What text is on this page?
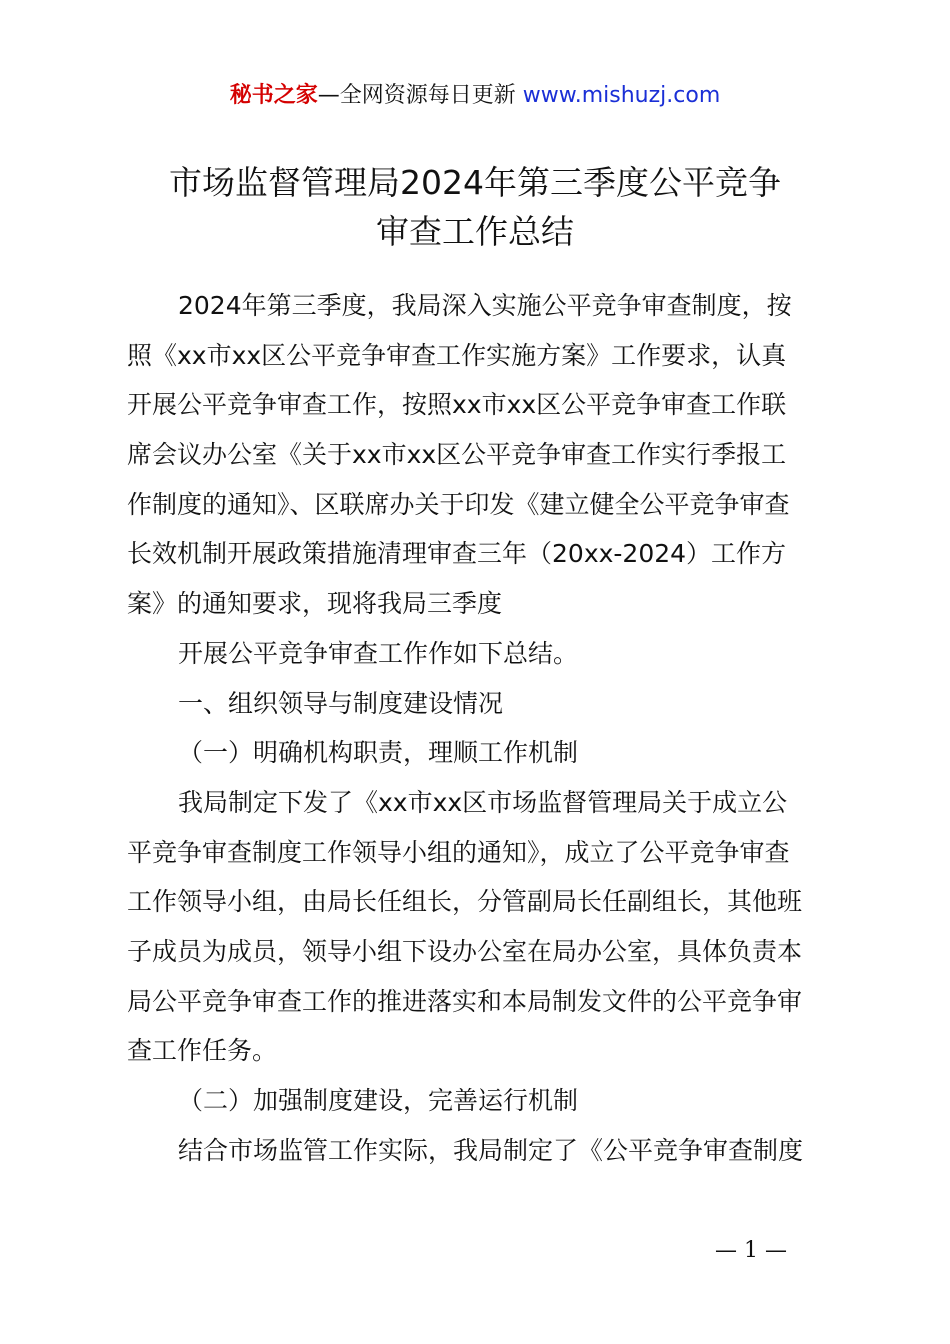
秘书之家—全网资源每日更新 www.mishuzj.com
市场监督管理局2024年第三季度公平竞争
审查工作总结
2024年第三季度，我局深入实施公平竞争审查制度，按
照《xx市xx区公平竞争审查工作实施方案》工作要求，认真
开展公平竞争审查工作，按照xx市xx区公平竞争审查工作联
席会议办公室《关于xx市xx区公平竞争审查工作实行季报工
作制度的通知》、区联席办关于印发《建立健全公平竞争审查
长效机制开展政策措施清理审查三年（20xx-2024）工作方
案》的通知要求，现将我局三季度
开展公平竞争审查工作作如下总结。
一、组织领导与制度建设情况
（一）明确机构职责，理顺工作机制
我局制定下发了《xx市xx区市场监督管理局关于成立公
平竞争审查制度工作领导小组的通知》，成立了公平竞争审查
工作领导小组，由局长任组长，分管副局长任副组长，其他班
子成员为成员，领导小组下设办公室在局办公室，具体负责本
局公平竞争审查工作的推进落实和本局制发文件的公平竞争审
查工作任务。
（二）加强制度建设，完善运行机制
结合市场监管工作实际，我局制定了《公平竞争审查制度
— 1 —
